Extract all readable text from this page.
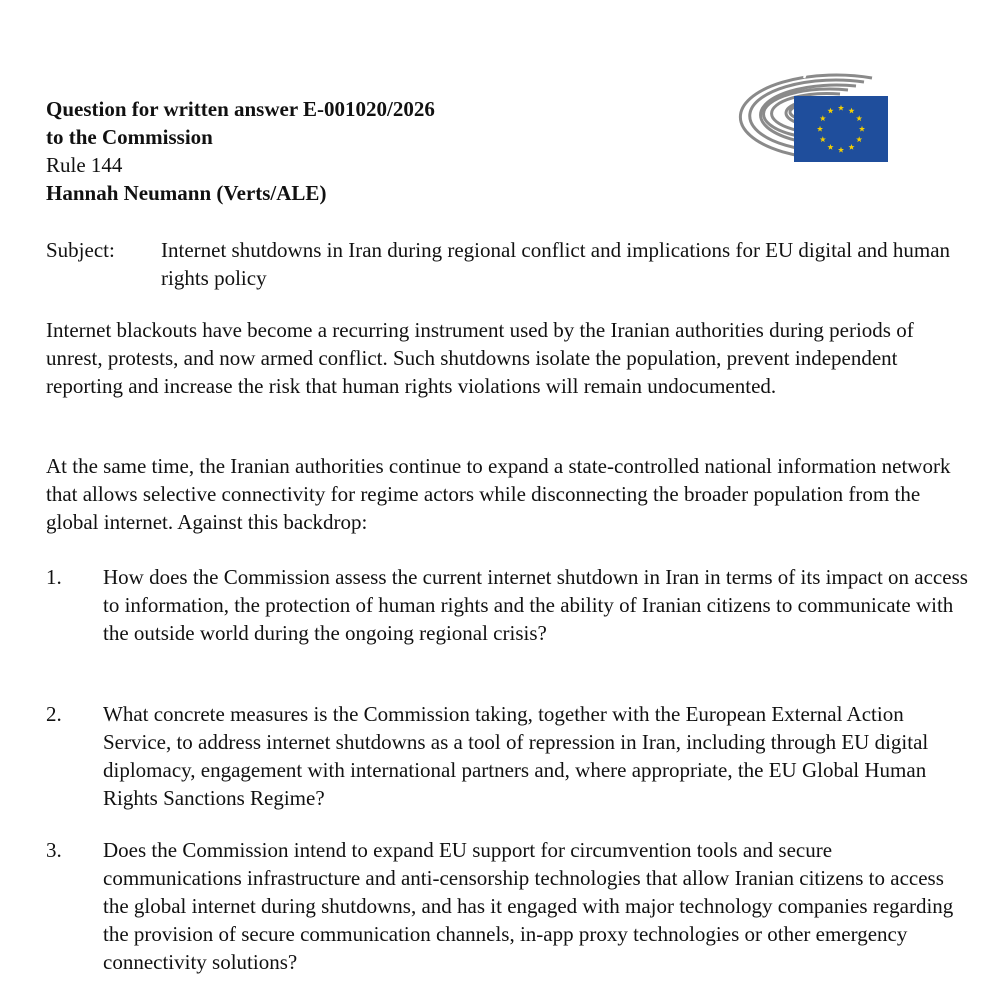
Question for written answer E-001020/2026
to the Commission
Rule 144
Hannah Neumann (Verts/ALE)
Subject:	Internet shutdowns in Iran during regional conflict and implications for EU digital and human rights policy

Internet blackouts have become a recurring instrument used by the Iranian authorities during periods of unrest, protests, and now armed conflict. Such shutdowns isolate the population, prevent independent reporting and increase the risk that human rights violations will remain undocumented.

At the same time, the Iranian authorities continue to expand a state-controlled national information network that allows selective connectivity for regime actors while disconnecting the broader population from the global internet. Against this backdrop:

1.	How does the Commission assess the current internet shutdown in Iran in terms of its impact on access to information, the protection of human rights and the ability of Iranian citizens to communicate with the outside world during the ongoing regional crisis?
2.	What concrete measures is the Commission taking, together with the European External Action Service, to address internet shutdowns as a tool of repression in Iran, including through EU digital diplomacy, engagement with international partners and, where appropriate, the EU Global Human Rights Sanctions Regime?
3.	Does the Commission intend to expand EU support for circumvention tools and secure communications infrastructure and anti-censorship technologies that allow Iranian citizens to access the global internet during shutdowns, and has it engaged with major technology companies regarding the provision of secure communication channels, in-app proxy technologies or other emergency connectivity solutions?
